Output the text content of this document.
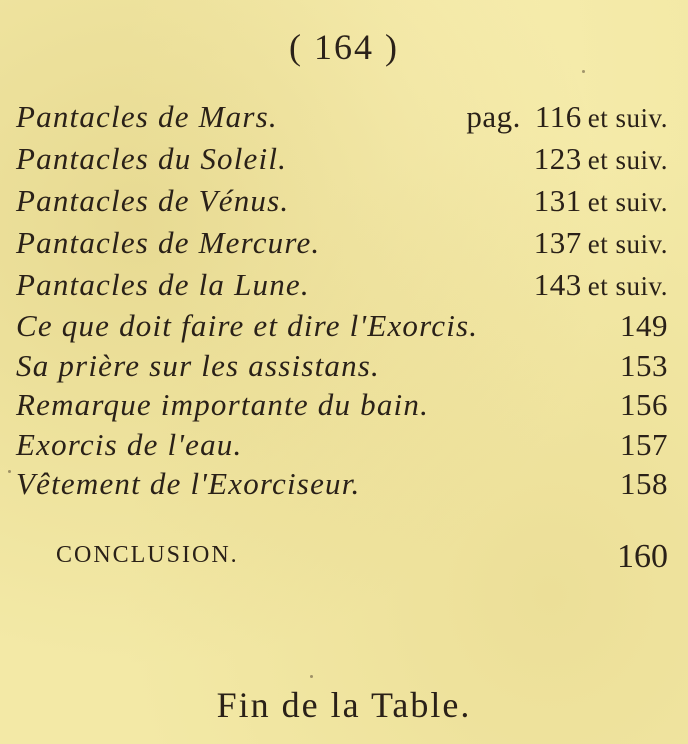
( 164 )
Pantacles de Mars.	pag. 116 et suiv.
Pantacles du Soleil.	123 et suiv.
Pantacles de Vénus.	131 et suiv.
Pantacles de Mercure.	137 et suiv.
Pantacles de la Lune.	143 et suiv.
Ce que doit faire et dire l'Exorcis.	149
Sa prière sur les assistans.	153
Remarque importante du bain.	156
Exorcis de l'eau.	157
Vêtement de l'Exorciseur.	158
CONCLUSION.	160
Fin de la Table.
